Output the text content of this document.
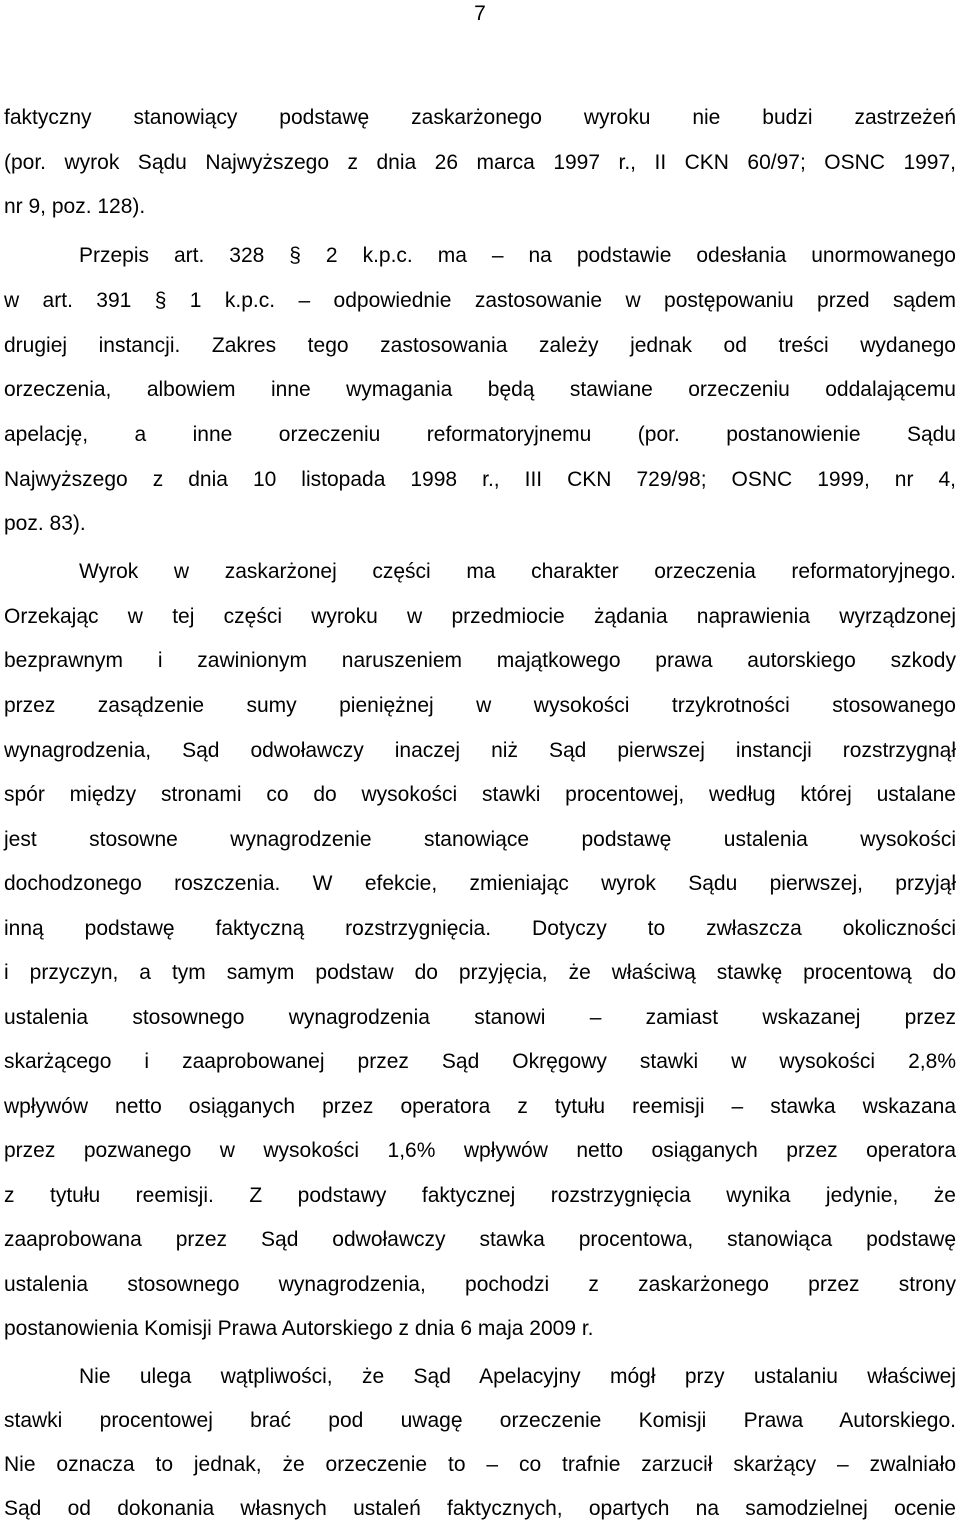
7
faktyczny stanowiący podstawę zaskarżonego wyroku nie budzi zastrzeżeń
(por. wyrok Sądu Najwyższego z dnia 26 marca 1997 r., II CKN 60/97; OSNC 1997,
nr 9, poz. 128).
Przepis art. 328 § 2 k.p.c. ma – na podstawie odesłania unormowanego
w art. 391 § 1 k.p.c. – odpowiednie zastosowanie w postępowaniu przed sądem
drugiej instancji. Zakres tego zastosowania zależy jednak od treści wydanego
orzeczenia, albowiem inne wymagania będą stawiane orzeczeniu oddalającemu
apelację, a inne orzeczeniu reformatoryjnemu (por. postanowienie Sądu
Najwyższego z dnia 10 listopada 1998 r., III CKN 729/98; OSNC 1999, nr 4,
poz. 83).
Wyrok w zaskarżonej części ma charakter orzeczenia reformatoryjnego.
Orzekając w tej części wyroku w przedmiocie żądania naprawienia wyrządzonej
bezprawnym i zawinionym naruszeniem majątkowego prawa autorskiego szkody
przez zasądzenie sumy pieniężnej w wysokości trzykrotności stosowanego
wynagrodzenia, Sąd odwoławczy inaczej niż Sąd pierwszej instancji rozstrzygnął
spór między stronami co do wysokości stawki procentowej, według której ustalane
jest stosowne wynagrodzenie stanowiące podstawę ustalenia wysokości
dochodzonego roszczenia. W efekcie, zmieniając wyrok Sądu pierwszej, przyjął
inną podstawę faktyczną rozstrzygnięcia. Dotyczy to zwłaszcza okoliczności
i przyczyn, a tym samym podstaw do przyjęcia, że właściwą stawkę procentową do
ustalenia stosownego wynagrodzenia stanowi – zamiast wskazanej przez
skarżącego i zaaprobowanej przez Sąd Okręgowy stawki w wysokości 2,8%
wpływów netto osiąganych przez operatora z tytułu reemisji – stawka wskazana
przez pozwanego w wysokości 1,6% wpływów netto osiąganych przez operatora
z tytułu reemisji. Z podstawy faktycznej rozstrzygnięcia wynika jedynie, że
zaaprobowana przez Sąd odwoławczy stawka procentowa, stanowiąca podstawę
ustalenia stosownego wynagrodzenia, pochodzi z zaskarżonego przez strony
postanowienia Komisji Prawa Autorskiego z dnia 6 maja 2009 r.
Nie ulega wątpliwości, że Sąd Apelacyjny mógł przy ustalaniu właściwej
stawki procentowej brać pod uwagę orzeczenie Komisji Prawa Autorskiego.
Nie oznacza to jednak, że orzeczenie to – co trafnie zarzucił skarżący – zwalniało
Sąd od dokonania własnych ustaleń faktycznych, opartych na samodzielnej ocenie
